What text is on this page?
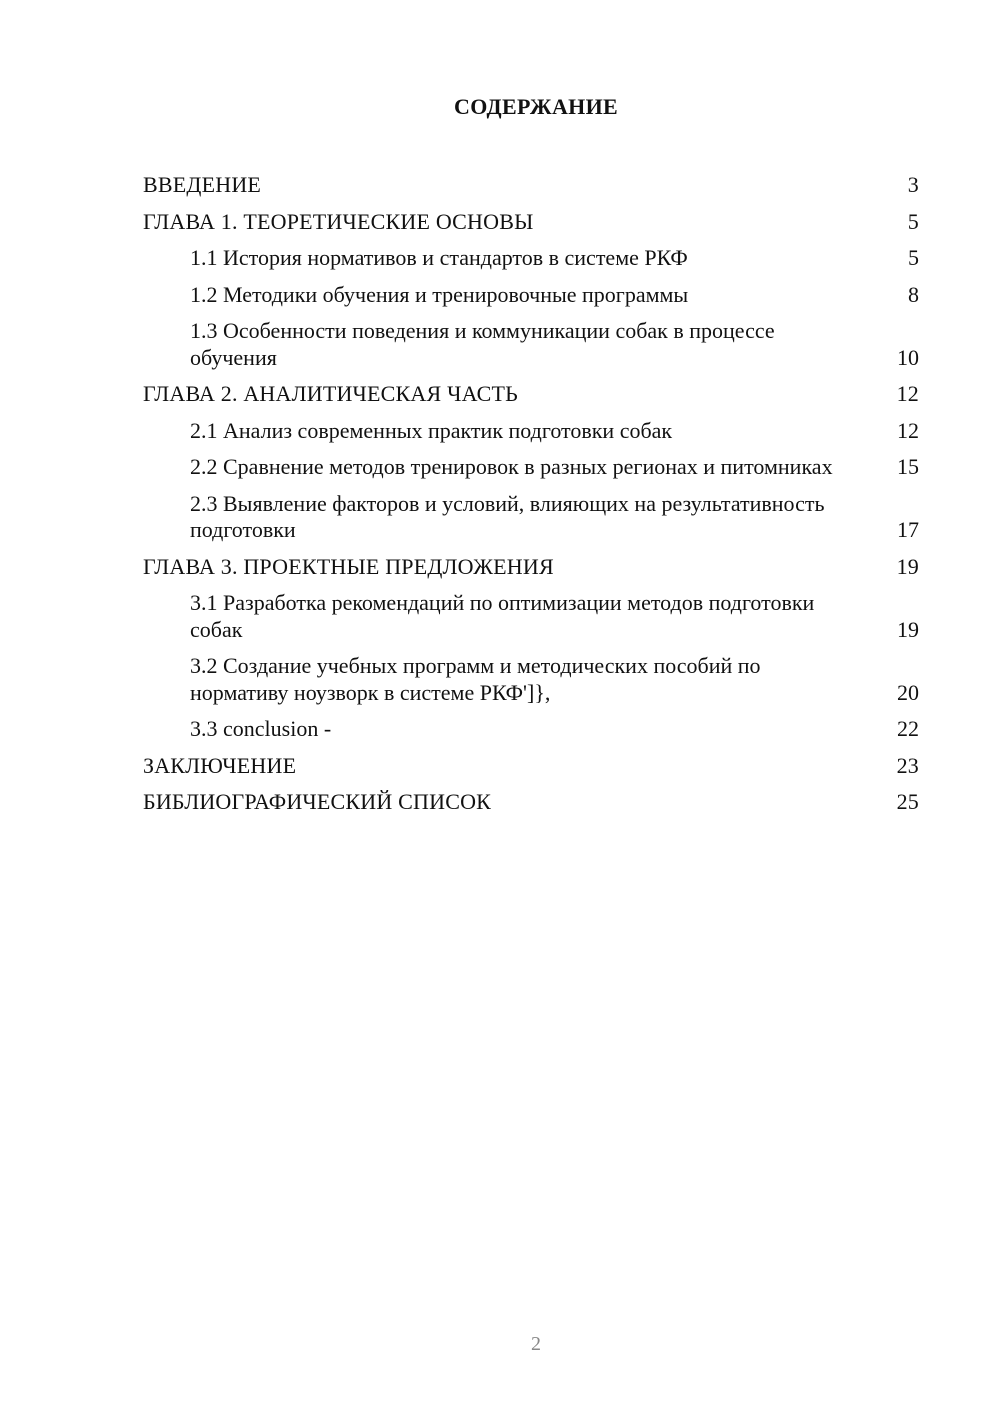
СОДЕРЖАНИЕ
ВВЕДЕНИЕ	3
ГЛАВА 1. ТЕОРЕТИЧЕСКИЕ ОСНОВЫ	5
1.1 История нормативов и стандартов в системе РКФ	5
1.2 Методики обучения и тренировочные программы	8
1.3 Особенности поведения и коммуникации собак в процессе обучения	10
ГЛАВА 2. АНАЛИТИЧЕСКАЯ ЧАСТЬ	12
2.1 Анализ современных практик подготовки собак	12
2.2 Сравнение методов тренировок в разных регионах и питомниках	15
2.3 Выявление факторов и условий, влияющих на результативность подготовки	17
ГЛАВА 3. ПРОЕКТНЫЕ ПРЕДЛОЖЕНИЯ	19
3.1 Разработка рекомендаций по оптимизации методов подготовки собак	19
3.2 Создание учебных программ и методических пособий по нормативу ноузворк в системе РКФ']},	20
3.3 conclusion -	22
ЗАКЛЮЧЕНИЕ	23
БИБЛИОГРАФИЧЕСКИЙ СПИСОК	25
2
